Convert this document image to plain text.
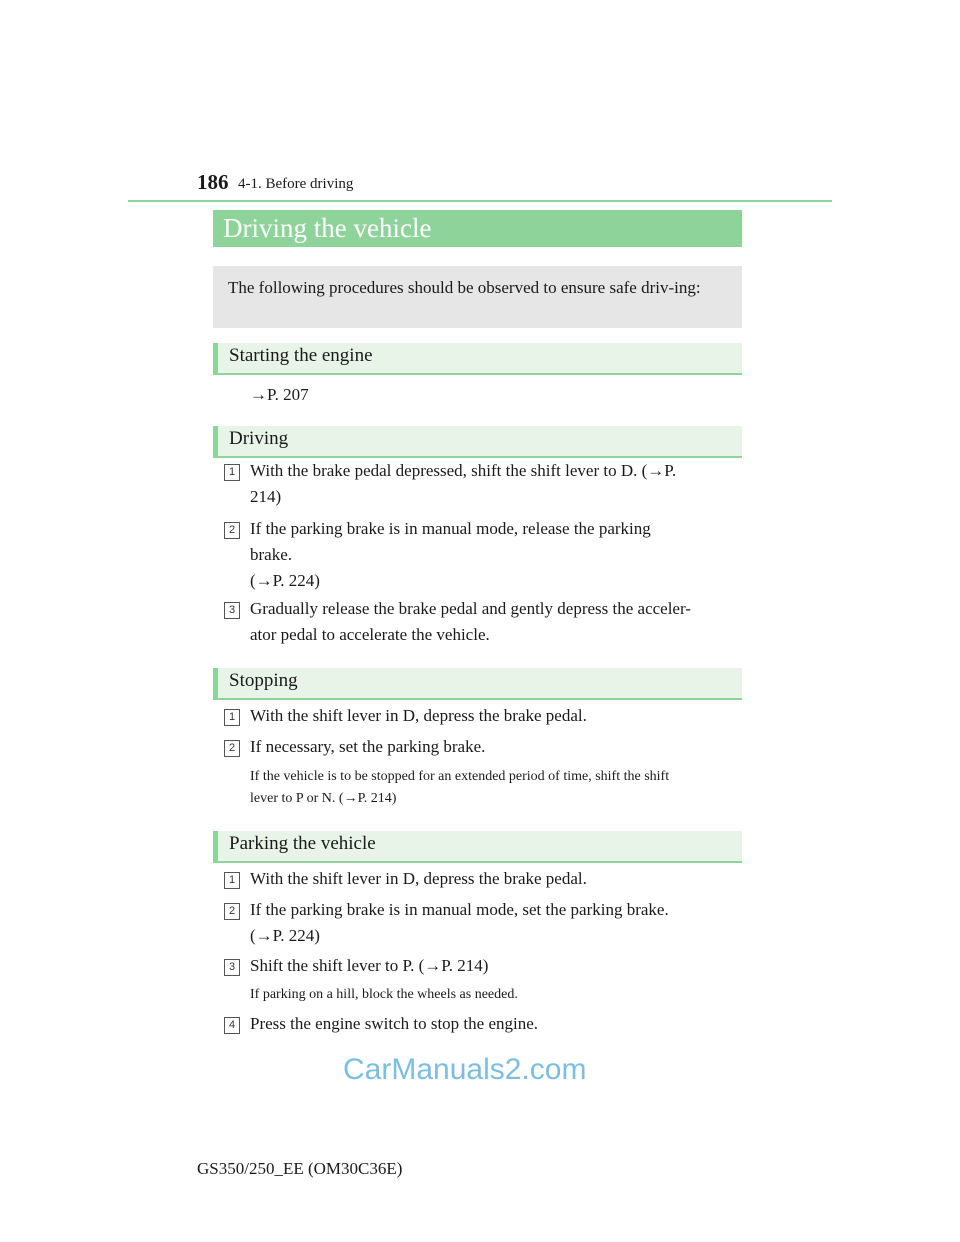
186 4-1. Before driving
Driving the vehicle

The following procedures should be observed to ensure safe driv-ing:

Starting the engine
→P. 207
Driving
1 With the brake pedal depressed, shift the shift lever to D. (→P.
214)
2 If the parking brake is in manual mode, release the parking
brake.
(→P. 224)
3 Gradually release the brake pedal and gently depress the acceler-
ator pedal to accelerate the vehicle.
Stopping
1 With the shift lever in D, depress the brake pedal.
2 If necessary, set the parking brake.
If the vehicle is to be stopped for an extended period of time, shift the shift
lever to P or N. (→P. 214)
Parking the vehicle
1 With the shift lever in D, depress the brake pedal.
2 If the parking brake is in manual mode, set the parking brake.
(→P. 224)
3 Shift the shift lever to P. (→P. 214)
If parking on a hill, block the wheels as needed.
4 Press the engine switch to stop the engine.
CarManuals2.com
GS350/250_EE (OM30C36E)
